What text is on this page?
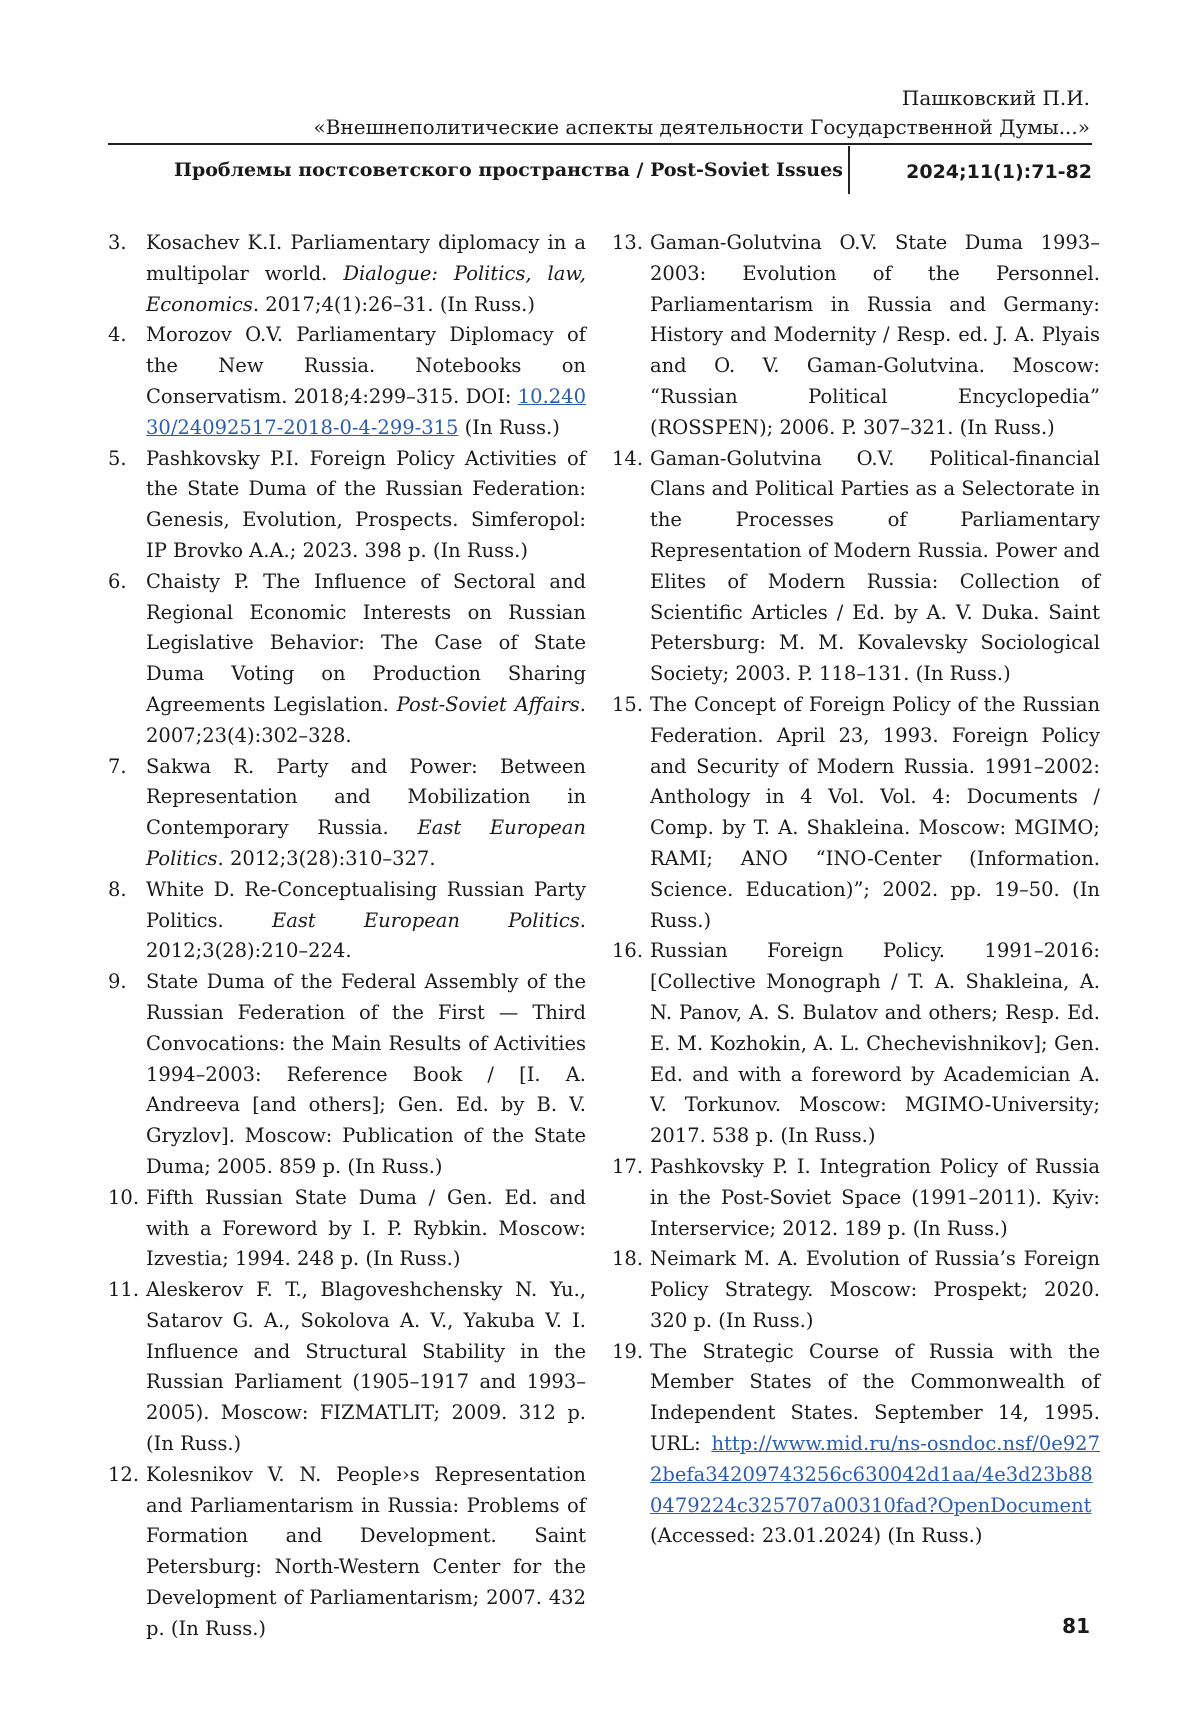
Пашковский П.И.
«Внешнеполитические аспекты деятельности Государственной Думы...»
Проблемы постсоветского пространства / Post-Soviet Issues	2024;11(1):71-82
3. Kosachev K.I. Parliamentary diplomacy in a multipolar world. Dialogue: Politics, law, Economics. 2017;4(1):26–31. (In Russ.)
4. Morozov O.V. Parliamentary Diplomacy of the New Russia. Notebooks on Conservatism. 2018;4:299–315. DOI: 10.24030/24092517-2018-0-4-299-315 (In Russ.)
5. Pashkovsky P.I. Foreign Policy Activities of the State Duma of the Russian Federation: Genesis, Evolution, Prospects. Simferopol: IP Brovko A.A.; 2023. 398 p. (In Russ.)
6. Chaisty P. The Influence of Sectoral and Regional Economic Interests on Russian Legislative Behavior: The Case of State Duma Voting on Production Sharing Agreements Legislation. Post-Soviet Affairs. 2007;23(4):302–328.
7. Sakwa R. Party and Power: Between Representation and Mobilization in Contemporary Russia. East European Politics. 2012;3(28):310–327.
8. White D. Re-Conceptualising Russian Party Politics. East European Politics. 2012;3(28):210–224.
9. State Duma of the Federal Assembly of the Russian Federation of the First — Third Convocations: the Main Results of Activities 1994–2003: Reference Book / [I. A. Andreeva [and others]; Gen. Ed. by B. V. Gryzlov]. Moscow: Publication of the State Duma; 2005. 859 p. (In Russ.)
10. Fifth Russian State Duma / Gen. Ed. and with a Foreword by I. P. Rybkin. Moscow: Izvestia; 1994. 248 p. (In Russ.)
11. Aleskerov F. T., Blagoveshchensky N. Yu., Satarov G. A., Sokolova A. V., Yakuba V. I. Influence and Structural Stability in the Russian Parliament (1905–1917 and 1993–2005). Moscow: FIZMATLIT; 2009. 312 p. (In Russ.)
12. Kolesnikov V. N. People›s Representation and Parliamentarism in Russia: Problems of Formation and Development. Saint Petersburg: North-Western Center for the Development of Parliamentarism; 2007. 432 p. (In Russ.)
13. Gaman-Golutvina O.V. State Duma 1993–2003: Evolution of the Personnel. Parliamentarism in Russia and Germany: History and Modernity / Resp. ed. J. A. Plyais and O. V. Gaman-Golutvina. Moscow: “Russian Political Encyclopedia” (ROSSPEN); 2006. P. 307–321. (In Russ.)
14. Gaman-Golutvina O.V. Political-financial Clans and Political Parties as a Selectorate in the Processes of Parliamentary Representation of Modern Russia. Power and Elites of Modern Russia: Collection of Scientific Articles / Ed. by A. V. Duka. Saint Petersburg: M. M. Kovalevsky Sociological Society; 2003. P. 118–131. (In Russ.)
15. The Concept of Foreign Policy of the Russian Federation. April 23, 1993. Foreign Policy and Security of Modern Russia. 1991–2002: Anthology in 4 Vol. Vol. 4: Documents / Comp. by T. A. Shakleina. Moscow: MGIMO; RAMI; ANO “INO-Center (Information. Science. Education)”; 2002. pp. 19–50. (In Russ.)
16. Russian Foreign Policy. 1991–2016: [Collective Monograph / T. A. Shakleina, A. N. Panov, A. S. Bulatov and others; Resp. Ed. E. M. Kozhokin, A. L. Chechevishnikov]; Gen. Ed. and with a foreword by Academician A. V. Torkunov. Moscow: MGIMO-University; 2017. 538 p. (In Russ.)
17. Pashkovsky P. I. Integration Policy of Russia in the Post-Soviet Space (1991–2011). Kyiv: Interservice; 2012. 189 p. (In Russ.)
18. Neimark M. A. Evolution of Russia’s Foreign Policy Strategy. Moscow: Prospekt; 2020. 320 p. (In Russ.)
19. The Strategic Course of Russia with the Member States of the Commonwealth of Independent States. September 14, 1995. URL: http://www.mid.ru/ns-osndoc.nsf/0e9272befa34209743256c630042d1aa/4e3d23b880479224c325707a00310fad?OpenDocument (Accessed: 23.01.2024) (In Russ.)
81
